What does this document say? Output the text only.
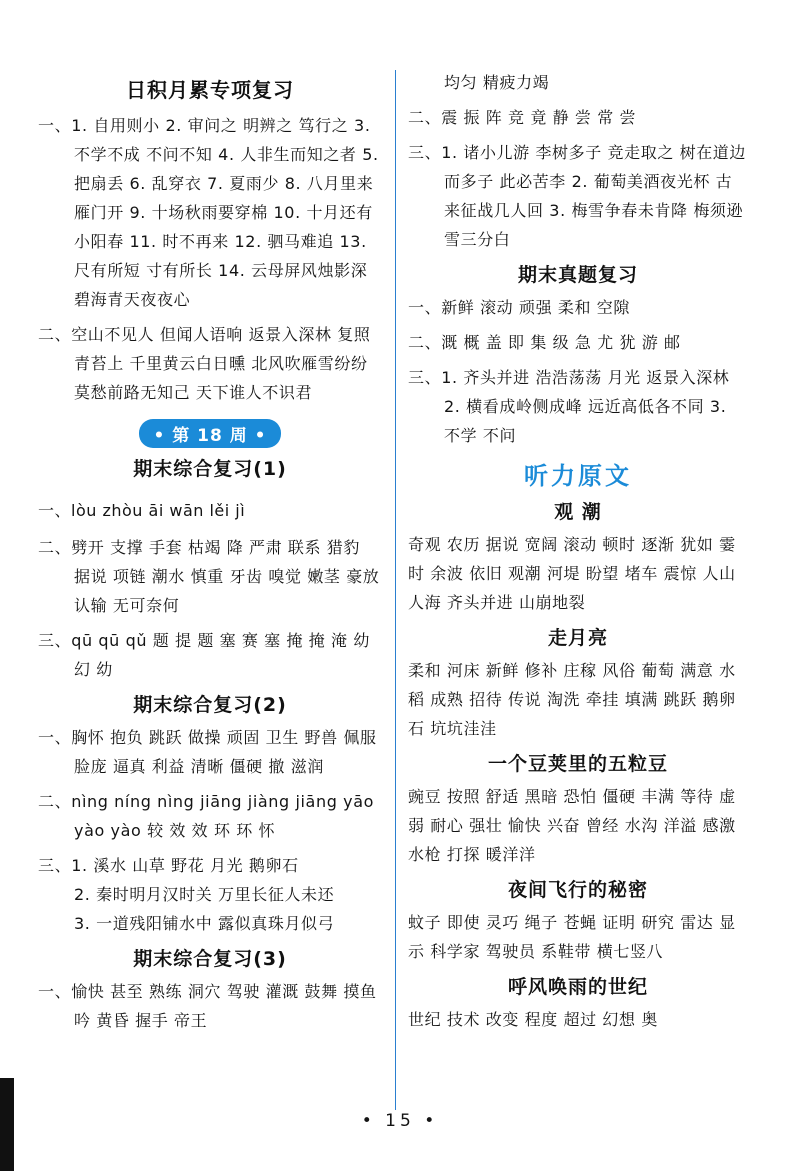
日积月累专项复习

一、1. 自用则小 2. 审问之 明辨之 笃行之 3. 不学不成 不问不知 4. 人非生而知之者 5. 把扇丢 6. 乱穿衣 7. 夏雨少 8. 八月里来雁门开 9. 十场秋雨要穿棉 10. 十月还有小阳春 11. 时不再来 12. 驷马难追 13. 尺有所短 寸有所长 14. 云母屏风烛影深 碧海青天夜夜心

二、空山不见人 但闻人语响 返景入深林 复照青苔上 千里黄云白日曛 北风吹雁雪纷纷 莫愁前路无知己 天下谁人不识君

• 第 18 周 •
期末综合复习(1)

一、lòu zhòu āi wān lěi jì

二、劈开 支撑 手套 枯竭 降 严肃 联系 猎豹 据说 项链 潮水 慎重 牙齿 嗅觉 嫩茎 豪放 认输 无可奈何

三、qū qū qǔ 题 提 题 塞 赛 塞 掩 掩 淹 幼 幻 幼

期末综合复习(2)

一、胸怀 抱负 跳跃 做操 顽固 卫生 野兽 佩服 脸庞 逼真 利益 清晰 僵硬 撤 滋润

二、nìng níng nìng jiāng jiàng jiāng yāo yào yào 较 效 效 环 环 怀

三、1. 溪水 山草 野花 月光 鹅卵石

2. 秦时明月汉时关 万里长征人未还

3. 一道残阳铺水中 露似真珠月似弓

期末综合复习(3)

一、愉快 甚至 熟练 洞穴 驾驶 灌溉 鼓舞 摸鱼 吟 黄昏 握手 帝王

均匀 精疲力竭

二、震 振 阵 竞 竟 静 尝 常 尝

三、1. 诸小儿游 李树多子 竞走取之 树在道边而多子 此必苦李 2. 葡萄美酒夜光杯 古来征战几人回 3. 梅雪争春未肯降 梅须逊雪三分白

期末真题复习

一、新鲜 滚动 顽强 柔和 空隙

二、溉 概 盖 即 集 级 急 尤 犹 游 邮

三、1. 齐头并进 浩浩荡荡 月光 返景入深林 2. 横看成岭侧成峰 远近高低各不同 3. 不学 不问

听力原文
观 潮

奇观 农历 据说 宽阔 滚动 顿时 逐渐 犹如 霎时 余波 依旧 观潮 河堤 盼望 堵车 震惊 人山人海 齐头并进 山崩地裂

走月亮

柔和 河床 新鲜 修补 庄稼 风俗 葡萄 满意 水稻 成熟 招待 传说 淘洗 牵挂 填满 跳跃 鹅卵石 坑坑洼洼

一个豆荚里的五粒豆

豌豆 按照 舒适 黑暗 恐怕 僵硬 丰满 等待 虚弱 耐心 强壮 愉快 兴奋 曾经 水沟 洋溢 感激 水枪 打探 暖洋洋

夜间飞行的秘密

蚊子 即使 灵巧 绳子 苍蝇 证明 研究 雷达 显示 科学家 驾驶员 系鞋带 横七竖八

呼风唤雨的世纪

世纪 技术 改变 程度 超过 幻想 奥

• 15 •
